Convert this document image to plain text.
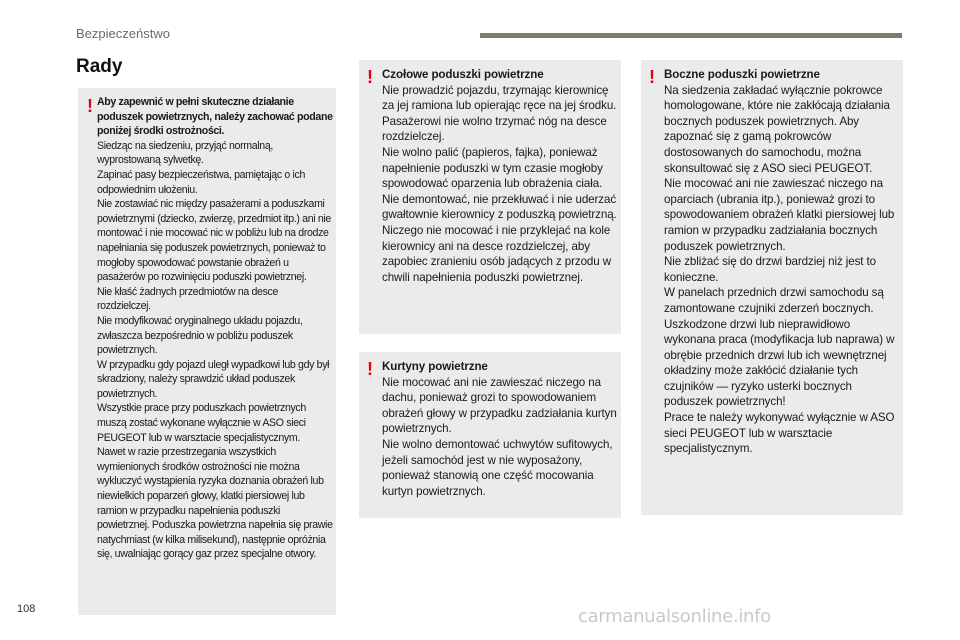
Bezpieczeństwo
Rady
! Aby zapewnić w pełni skuteczne działanie poduszek powietrznych, należy zachować podane poniżej środki ostrożności.
Siedząc na siedzeniu, przyjąć normalną, wyprostowaną sylwetkę.
Zapinać pasy bezpieczeństwa, pamiętając o ich odpowiednim ułożeniu.
Nie zostawiać nic między pasażerami a poduszkami powietrznymi (dziecko, zwierzę, przedmiot itp.) ani nie montować i nie mocować nic w pobliżu lub na drodze napełniania się poduszek powietrznych, ponieważ to mogłoby spowodować powstanie obrażeń u pasażerów po rozwinięciu poduszki powietrznej.
Nie kłaść żadnych przedmiotów na desce rozdzielczej.
Nie modyfikować oryginalnego układu pojazdu, zwłaszcza bezpośrednio w pobliżu poduszek powietrznych.
W przypadku gdy pojazd uległ wypadkowi lub gdy był skradziony, należy sprawdzić układ poduszek powietrznych.
Wszystkie prace przy poduszkach powietrznych muszą zostać wykonane wyłącznie w ASO sieci PEUGEOT lub w warsztacie specjalistycznym.
Nawet w razie przestrzegania wszystkich wymienionych środków ostrożności nie można wykluczyć wystąpienia ryzyka doznania obrażeń lub niewielkich poparzeń głowy, klatki piersiowej lub ramion w przypadku napełnienia poduszki powietrznej. Poduszka powietrzna napełnia się prawie natychmiast (w kilka milisekund), następnie opróżnia się, uwalniając gorący gaz przez specjalne otwory.
! Czołowe poduszki powietrzne
Nie prowadzić pojazdu, trzymając kierownicę za jej ramiona lub opierając ręce na jej środku.
Pasażerowi nie wolno trzymać nóg na desce rozdzielczej.
Nie wolno palić (papieros, fajka), ponieważ napełnienie poduszki w tym czasie mogłoby spowodować oparzenia lub obrażenia ciała.
Nie demontować, nie przekłuwać i nie uderzać gwałtownie kierownicy z poduszką powietrzną.
Niczego nie mocować i nie przyklejać na kole kierownicy ani na desce rozdzielczej, aby zapobiec zranieniu osób jadących z przodu w chwili napełnienia poduszki powietrznej.
! Kurtyny powietrzne
Nie mocować ani nie zawieszać niczego na dachu, ponieważ grozi to spowodowaniem obrażeń głowy w przypadku zadziałania kurtyn powietrznych.
Nie wolno demontować uchwytów sufitowych, jeżeli samochód jest w nie wyposażony, ponieważ stanowią one część mocowania kurtyn powietrznych.
! Boczne poduszki powietrzne
Na siedzenia zakładać wyłącznie pokrowce homologowane, które nie zakłócają działania bocznych poduszek powietrznych. Aby zapoznać się z gamą pokrowców dostosowanych do samochodu, można skonsultować się z ASO sieci PEUGEOT.
Nie mocować ani nie zawieszać niczego na oparciach (ubrania itp.), ponieważ grozi to spowodowaniem obrażeń klatki piersiowej lub ramion w przypadku zadziałania bocznych poduszek powietrznych.
Nie zbliżać się do drzwi bardziej niż jest to konieczne.
W panelach przednich drzwi samochodu są zamontowane czujniki zderzeń bocznych.
Uszkodzone drzwi lub nieprawidłowo wykonana praca (modyfikacja lub naprawa) w obrębie przednich drzwi lub ich wewnętrznej okładziny może zakłócić działanie tych czujników — ryzyko usterki bocznych poduszek powietrznych!
Prace te należy wykonywać wyłącznie w ASO sieci PEUGEOT lub w warsztacie specjalistycznym.
108	carmanualsonline.info
